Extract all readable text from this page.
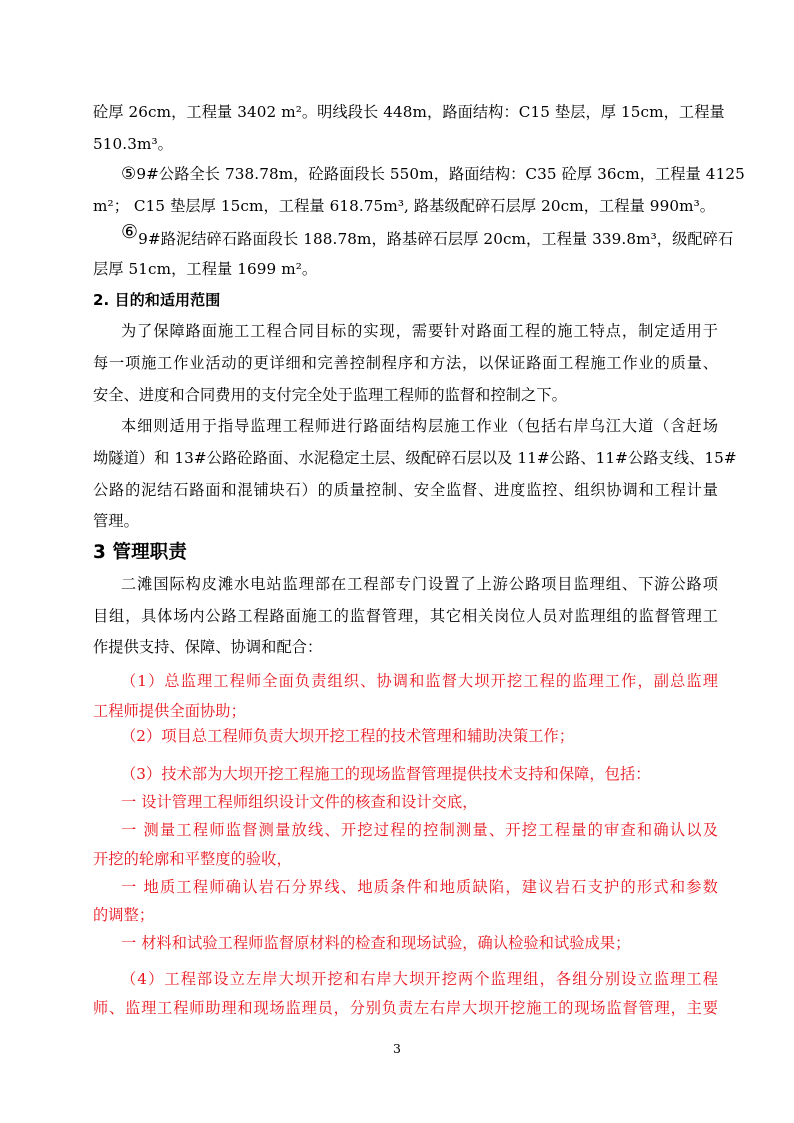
砼厚 26cm，工程量 3402 m²。明线段长 448m，路面结构：C15 垫层，厚 15cm，工程量
510.3m³。
⑤9#公路全长 738.78m，砼路面段长 550m，路面结构：C35 砼厚 36cm，工程量 4125
m²； C15 垫层厚 15cm，工程量 618.75m³, 路基级配碎石层厚 20cm，工程量 990m³。
⑥9#路泥结碎石路面段长 188.78m，路基碎石层厚 20cm，工程量 339.8m³，级配碎石
层厚 51cm，工程量 1699 m²。
2. 目的和适用范围
为了保障路面施工工程合同目标的实现，需要针对路面工程的施工特点，制定适用于
每一项施工作业活动的更详细和完善控制程序和方法，以保证路面工程施工作业的质量、
安全、进度和合同费用的支付完全处于监理工程师的监督和控制之下。
本细则适用于指导监理工程师进行路面结构层施工作业（包括右岸乌江大道（含赶场
坳隧道）和 13#公路砼路面、水泥稳定土层、级配碎石层以及 11#公路、11#公路支线、15#
公路的泥结石路面和混铺块石）的质量控制、安全监督、进度监控、组织协调和工程计量
管理。
3 管理职责
二滩国际构皮滩水电站监理部在工程部专门设置了上游公路项目监理组、下游公路项
目组，具体场内公路工程路面施工的监督管理，其它相关岗位人员对监理组的监督管理工
作提供支持、保障、协调和配合：
（1）总监理工程师全面负责组织、协调和监督大坝开挖工程的监理工作，副总监理
工程师提供全面协助；
（2）项目总工程师负责大坝开挖工程的技术管理和辅助决策工作；
（3）技术部为大坝开挖工程施工的现场监督管理提供技术支持和保障，包括：
一 设计管理工程师组织设计文件的核查和设计交底，
一 测量工程师监督测量放线、开挖过程的控制测量、开挖工程量的审查和确认以及
开挖的轮廓和平整度的验收，
一 地质工程师确认岩石分界线、地质条件和地质缺陷，建议岩石支护的形式和参数
的调整；
一 材料和试验工程师监督原材料的检查和现场试验，确认检验和试验成果；
（4）工程部设立左岸大坝开挖和右岸大坝开挖两个监理组，各组分别设立监理工程
师、监理工程师助理和现场监理员，分别负责左右岸大坝开挖施工的现场监督管理，主要
3
